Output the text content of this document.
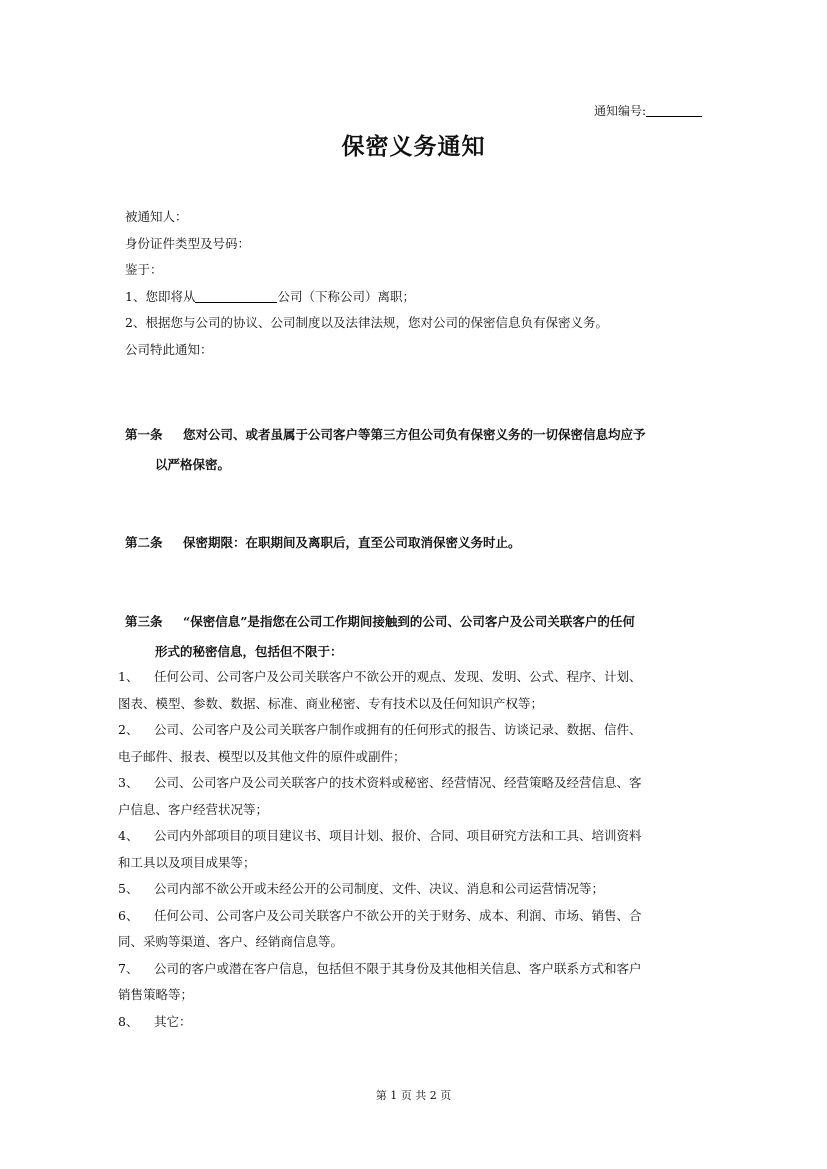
通知编号:
保密义务通知
被通知人：
身份证件类型及号码：
鉴于：
1、您即将从	公司（下称公司）离职；
2、根据您与公司的协议、公司制度以及法律法规，您对公司的保密信息负有保密义务。
公司特此通知：
第一条 您对公司、或者虽属于公司客户等第三方但公司负有保密义务的一切保密信息均应予
以严格保密。
第二条 保密期限：在职期间及离职后，直至公司取消保密义务时止。
第三条 “保密信息”是指您在公司工作期间接触到的公司、公司客户及公司关联客户的任何
形式的秘密信息，包括但不限于：
1、 任何公司、公司客户及公司关联客户不欲公开的观点、发现、发明、公式、程序、计划、
图表、模型、参数、数据、标准、商业秘密、专有技术以及任何知识产权等；
2、 公司、公司客户及公司关联客户制作或拥有的任何形式的报告、访谈记录、数据、信件、
电子邮件、报表、模型以及其他文件的原件或副件；
3、 公司、公司客户及公司关联客户的技术资料或秘密、经营情况、经营策略及经营信息、客
户信息、客户经营状况等；
4、 公司内外部项目的项目建议书、项目计划、报价、合同、项目研究方法和工具、培训资料
和工具以及项目成果等；
5、 公司内部不欲公开或未经公开的公司制度、文件、决议、消息和公司运营情况等；
6、 任何公司、公司客户及公司关联客户不欲公开的关于财务、成本、利润、市场、销售、合
同、采购等渠道、客户、经销商信息等。
7、 公司的客户或潜在客户信息，包括但不限于其身份及其他相关信息、客户联系方式和客户
销售策略等；
8、 其它：
第 1 页 共 2 页
